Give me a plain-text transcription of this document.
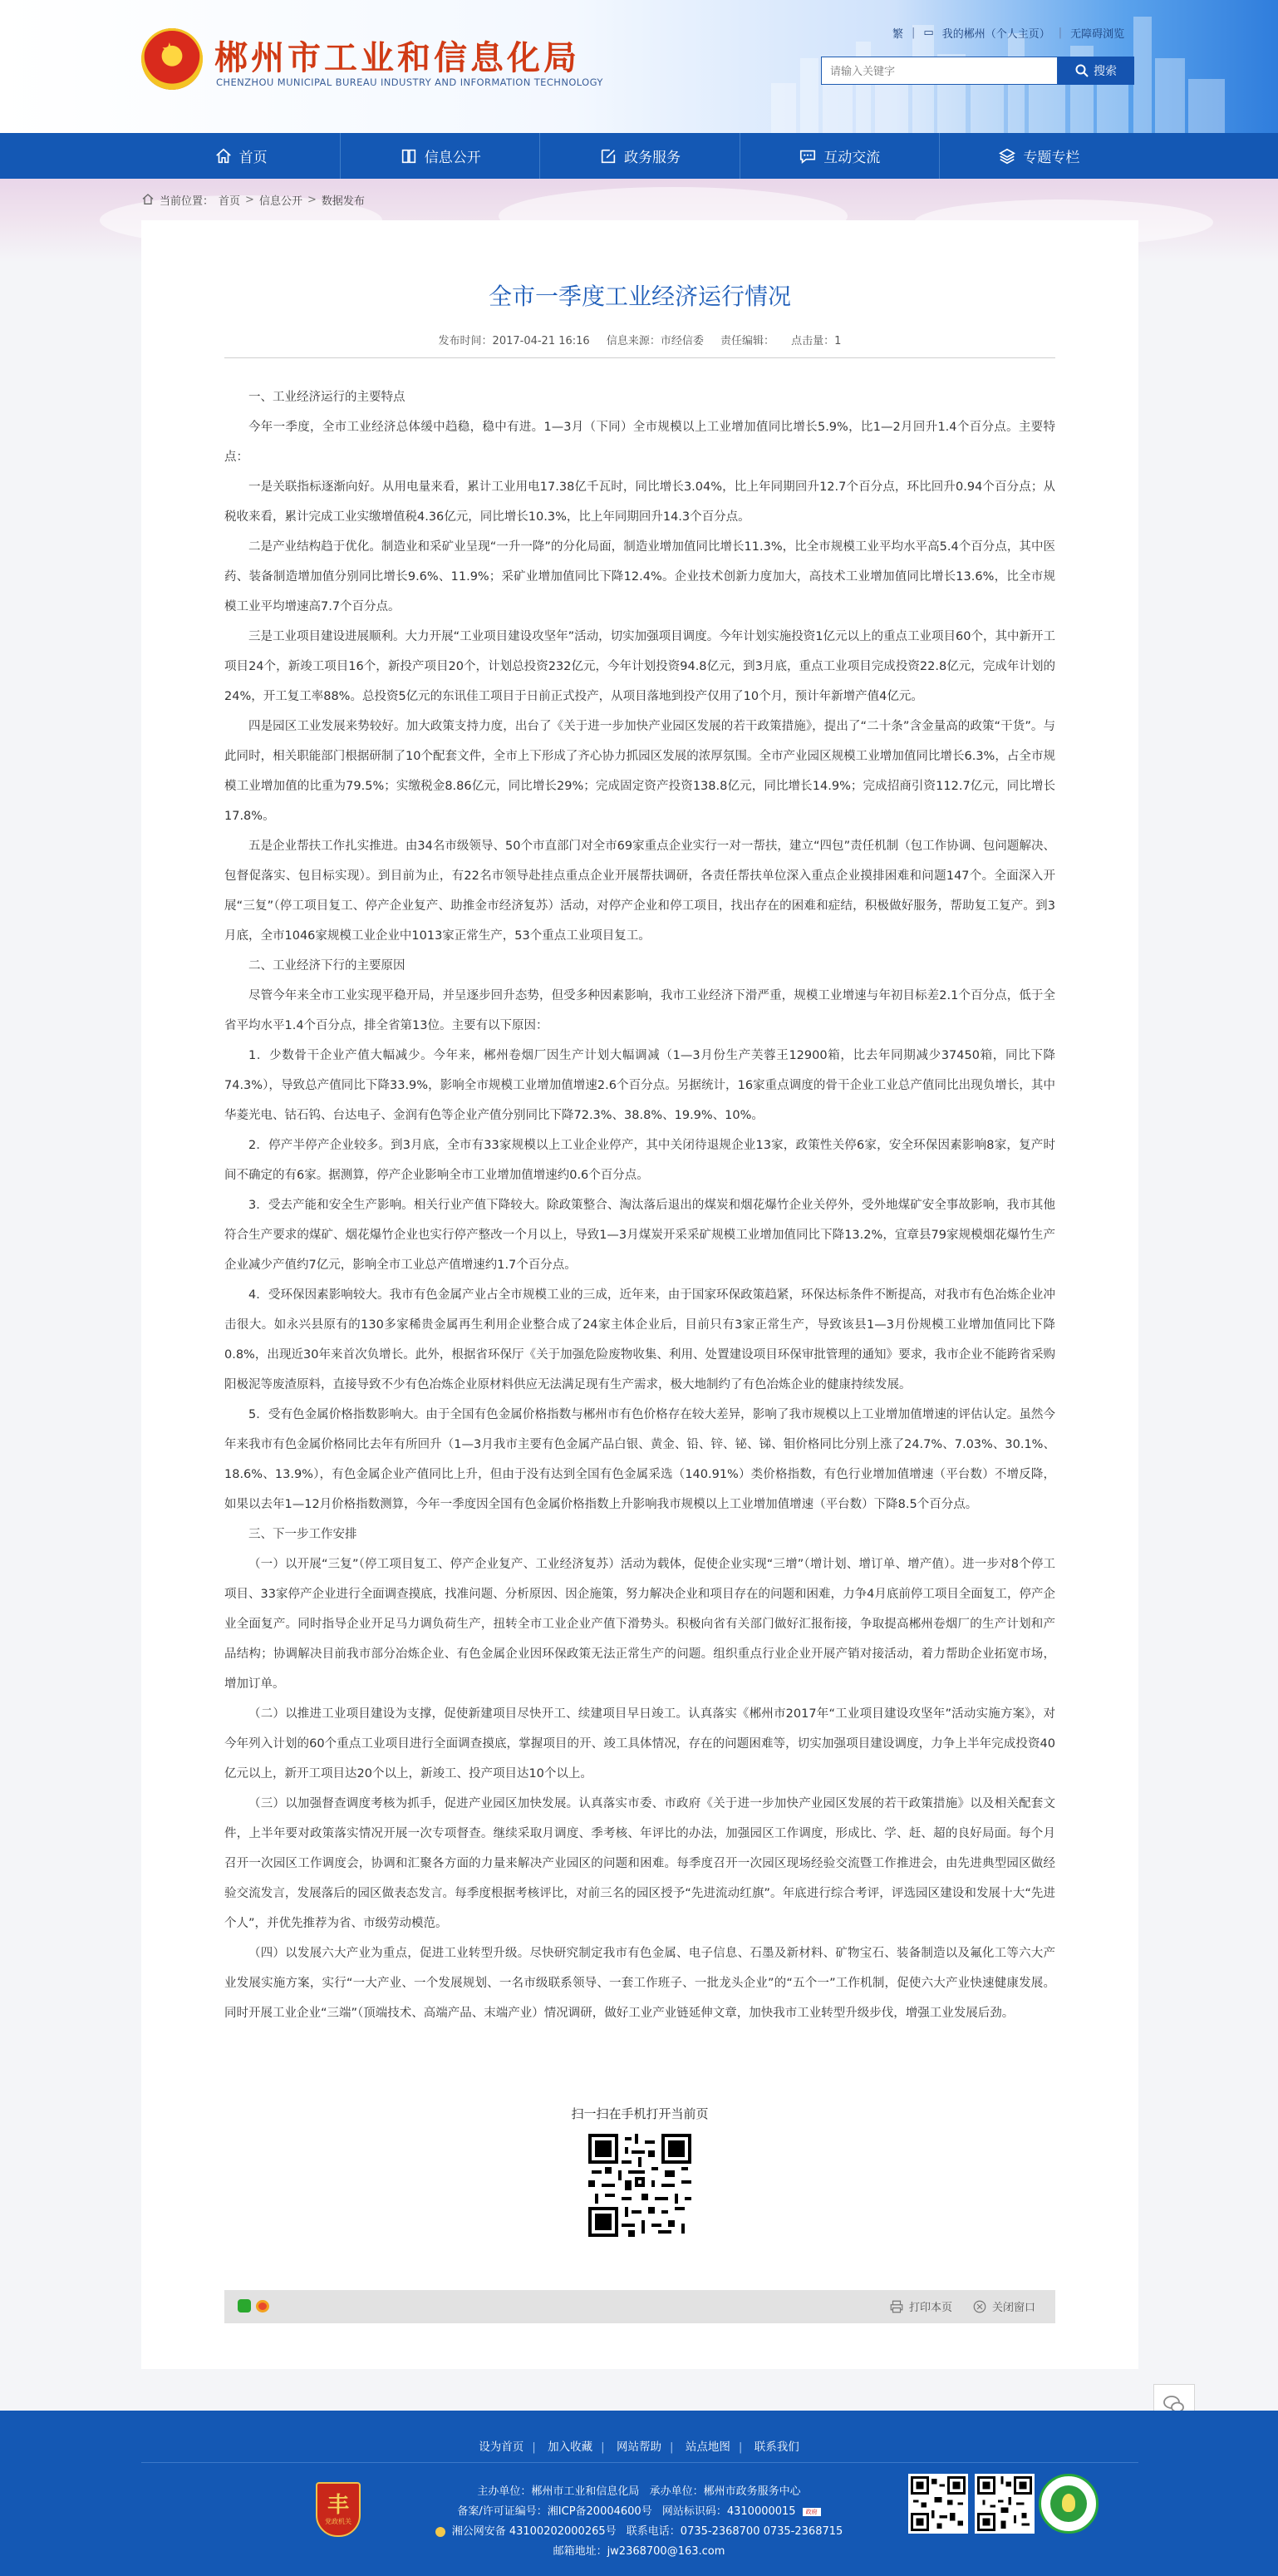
★ 郴州市工业和信息化局
CHENZHOU MUNICIPAL BUREAU INDUSTRY AND INFORMATION TECHNOLOGY
繁 | ▭ 我的郴州（个人主页） | 无障碍浏览
请输入关键字
搜索
首页	信息公开	政务服务	互动交流	专题专栏
当前位置： 首页 > 信息公开 > 数据发布
全市一季度工业经济运行情况
发布时间：2017-04-21 16:16 信息来源：市经信委 责任编辑： 点击量：1

一、工业经济运行的主要特点

今年一季度，全市工业经济总体缓中趋稳，稳中有进。1—3月（下同）全市规模以上工业增加值同比增长5.9%，比1—2月回升1.4个百分点。主要特点：

一是关联指标逐渐向好。从用电量来看，累计工业用电17.38亿千瓦时，同比增长3.04%，比上年同期回升12.7个百分点，环比回升0.94个百分点；从税收来看，累计完成工业实缴增值税4.36亿元，同比增长10.3%，比上年同期回升14.3个百分点。

二是产业结构趋于优化。制造业和采矿业呈现“一升一降”的分化局面，制造业增加值同比增长11.3%，比全市规模工业平均水平高5.4个百分点，其中医药、装备制造增加值分别同比增长9.6%、11.9%；采矿业增加值同比下降12.4%。企业技术创新力度加大，高技术工业增加值同比增长13.6%，比全市规模工业平均增速高7.7个百分点。

三是工业项目建设进展顺利。大力开展“工业项目建设攻坚年”活动，切实加强项目调度。今年计划实施投资1亿元以上的重点工业项目60个，其中新开工项目24个，新竣工项目16个，新投产项目20个，计划总投资232亿元，今年计划投资94.8亿元，到3月底，重点工业项目完成投资22.8亿元，完成年计划的24%，开工复工率88%。总投资5亿元的东讯佳工项目于日前正式投产，从项目落地到投产仅用了10个月，预计年新增产值4亿元。

四是园区工业发展来势较好。加大政策支持力度，出台了《关于进一步加快产业园区发展的若干政策措施》，提出了“二十条”含金量高的政策“干货”。与此同时，相关职能部门根据研制了10个配套文件，全市上下形成了齐心协力抓园区发展的浓厚氛围。全市产业园区规模工业增加值同比增长6.3%，占全市规模工业增加值的比重为79.5%；实缴税金8.86亿元，同比增长29%；完成固定资产投资138.8亿元，同比增长14.9%；完成招商引资112.7亿元，同比增长17.8%。

五是企业帮扶工作扎实推进。由34名市级领导、50个市直部门对全市69家重点企业实行一对一帮扶，建立“四包”责任机制（包工作协调、包问题解决、包督促落实、包目标实现）。到目前为止，有22名市领导赴挂点重点企业开展帮扶调研，各责任帮扶单位深入重点企业摸排困难和问题147个。全面深入开展“三复”（停工项目复工、停产企业复产、助推金市经济复苏）活动，对停产企业和停工项目，找出存在的困难和症结，积极做好服务，帮助复工复产。到3月底，全市1046家规模工业企业中1013家正常生产，53个重点工业项目复工。

二、工业经济下行的主要原因

尽管今年来全市工业实现平稳开局，并呈逐步回升态势，但受多种因素影响，我市工业经济下滑严重，规模工业增速与年初目标差2.1个百分点，低于全省平均水平1.4个百分点，排全省第13位。主要有以下原因：

1．少数骨干企业产值大幅减少。今年来，郴州卷烟厂因生产计划大幅调减（1—3月份生产芙蓉王12900箱，比去年同期减少37450箱，同比下降74.3%），导致总产值同比下降33.9%，影响全市规模工业增加值增速2.6个百分点。另据统计，16家重点调度的骨干企业工业总产值同比出现负增长，其中华菱光电、钴石钨、台达电子、金润有色等企业产值分别同比下降72.3%、38.8%、19.9%、10%。

2．停产半停产企业较多。到3月底，全市有33家规模以上工业企业停产，其中关闭待退规企业13家，政策性关停6家，安全环保因素影响8家，复产时间不确定的有6家。据测算，停产企业影响全市工业增加值增速约0.6个百分点。

3．受去产能和安全生产影响。相关行业产值下降较大。除政策整合、淘汰落后退出的煤炭和烟花爆竹企业关停外，受外地煤矿安全事故影响，我市其他符合生产要求的煤矿、烟花爆竹企业也实行停产整改一个月以上，导致1—3月煤炭开采采矿规模工业增加值同比下降13.2%，宜章县79家规模烟花爆竹生产企业减少产值约7亿元，影响全市工业总产值增速约1.7个百分点。

4．受环保因素影响较大。我市有色金属产业占全市规模工业的三成，近年来，由于国家环保政策趋紧，环保达标条件不断提高，对我市有色冶炼企业冲击很大。如永兴县原有的130多家稀贵金属再生利用企业整合成了24家主体企业后，目前只有3家正常生产，导致该县1—3月份规模工业增加值同比下降0.8%，出现近30年来首次负增长。此外，根据省环保厅《关于加强危险废物收集、利用、处置建设项目环保审批管理的通知》要求，我市企业不能跨省采购阳极泥等废渣原料，直接导致不少有色冶炼企业原材料供应无法满足现有生产需求，极大地制约了有色冶炼企业的健康持续发展。

5．受有色金属价格指数影响大。由于全国有色金属价格指数与郴州市有色价格存在较大差异，影响了我市规模以上工业增加值增速的评估认定。虽然今年来我市有色金属价格同比去年有所回升（1—3月我市主要有色金属产品白银、黄金、铅、锌、铋、锑、钼价格同比分别上涨了24.7%、7.03%、30.1%、18.6%、13.9%），有色金属企业产值同比上升，但由于没有达到全国有色金属采选（140.91%）类价格指数，有色行业增加值增速（平台数）不增反降，如果以去年1—12月价格指数测算，今年一季度因全国有色金属价格指数上升影响我市规模以上工业增加值增速（平台数）下降8.5个百分点。

三、下一步工作安排

（一）以开展“三复”（停工项目复工、停产企业复产、工业经济复苏）活动为载体，促使企业实现“三增”（增计划、增订单、增产值）。进一步对8个停工项目、33家停产企业进行全面调查摸底，找准问题、分析原因、因企施策，努力解决企业和项目存在的问题和困难，力争4月底前停工项目全面复工，停产企业全面复产。同时指导企业开足马力调负荷生产，扭转全市工业企业产值下滑势头。积极向省有关部门做好汇报衔接，争取提高郴州卷烟厂的生产计划和产品结构；协调解决目前我市部分冶炼企业、有色金属企业因环保政策无法正常生产的问题。组织重点行业企业开展产销对接活动，着力帮助企业拓宽市场，增加订单。

（二）以推进工业项目建设为支撑，促使新建项目尽快开工、续建项目早日竣工。认真落实《郴州市2017年“工业项目建设攻坚年”活动实施方案》，对今年列入计划的60个重点工业项目进行全面调查摸底，掌握项目的开、竣工具体情况，存在的问题困难等，切实加强项目建设调度，力争上半年完成投资40亿元以上，新开工项目达20个以上，新竣工、投产项目达10个以上。

（三）以加强督查调度考核为抓手，促进产业园区加快发展。认真落实市委、市政府《关于进一步加快产业园区发展的若干政策措施》以及相关配套文件，上半年要对政策落实情况开展一次专项督查。继续采取月调度、季考核、年评比的办法，加强园区工作调度，形成比、学、赶、超的良好局面。每个月召开一次园区工作调度会，协调和汇聚各方面的力量来解决产业园区的问题和困难。每季度召开一次园区现场经验交流暨工作推进会，由先进典型园区做经验交流发言，发展落后的园区做表态发言。每季度根据考核评比，对前三名的园区授予“先进流动红旗”。年底进行综合考评，评选园区建设和发展十大“先进个人”，并优先推荐为省、市级劳动模范。

（四）以发展六大产业为重点，促进工业转型升级。尽快研究制定我市有色金属、电子信息、石墨及新材料、矿物宝石、装备制造以及氟化工等六大产业发展实施方案，实行“一大产业、一个发展规划、一名市级联系领导、一套工作班子、一批龙头企业”的“五个一”工作机制，促使六大产业快速健康发展。同时开展工业企业“三端”（顶端技术、高端产品、末端产业）情况调研，做好工业产业链延伸文章，加快我市工业转型升级步伐，增强工业发展后劲。

扫一扫在手机打开当前页
打印本页	关闭窗口
设为首页 | 加入收藏 | 网站帮助 | 站点地图 | 联系我们
丰
党政机关
主办单位：郴州市工业和信息化局 承办单位：郴州市政务服务中心
备案/许可证编号：湘ICP备20004600号 网站标识码：4310000015 政府
湘公网安备 43100202000265号 联系电话：0735-2368700 0735-2368715
邮箱地址：jw2368700@163.com
